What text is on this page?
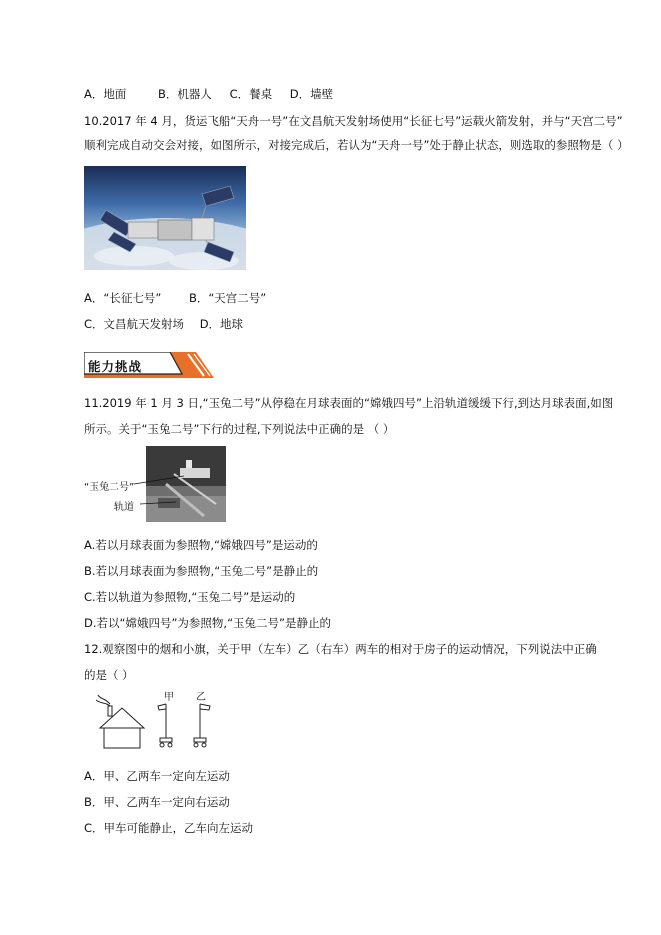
A．地面	B．机器人 C．餐桌 D．墙壁
10.2017 年 4 月，货运飞船“天舟一号”在文昌航天发射场使用“长征七号”运载火箭发射，并与“天宫二号”
顺利完成自动交会对接，如图所示，对接完成后，若认为“天舟一号”处于静止状态，则选取的参照物是（ ）
A．“长征七号” B．“天宫二号”
C．文昌航天发射场 D．地球
能力挑战
11.2019 年 1 月 3 日,“玉兔二号”从停稳在月球表面的“嫦娥四号”上沿轨道缓缓下行,到达月球表面,如图
所示。关于“玉兔二号”下行的过程,下列说法中正确的是 （ ）
“玉兔二号”
轨道
A.若以月球表面为参照物,“嫦娥四号”是运动的
B.若以月球表面为参照物,“玉兔二号”是静止的
C.若以轨道为参照物,“玉兔二号”是运动的
D.若以“嫦娥四号”为参照物,“玉兔二号”是静止的
12.观察图中的烟和小旗，关于甲（左车）乙（右车）两车的相对于房子的运动情况，下列说法中正确
的是（ ）
甲 乙
A．甲、乙两车一定向左运动
B．甲、乙两车一定向右运动
C．甲车可能静止，乙车向左运动
